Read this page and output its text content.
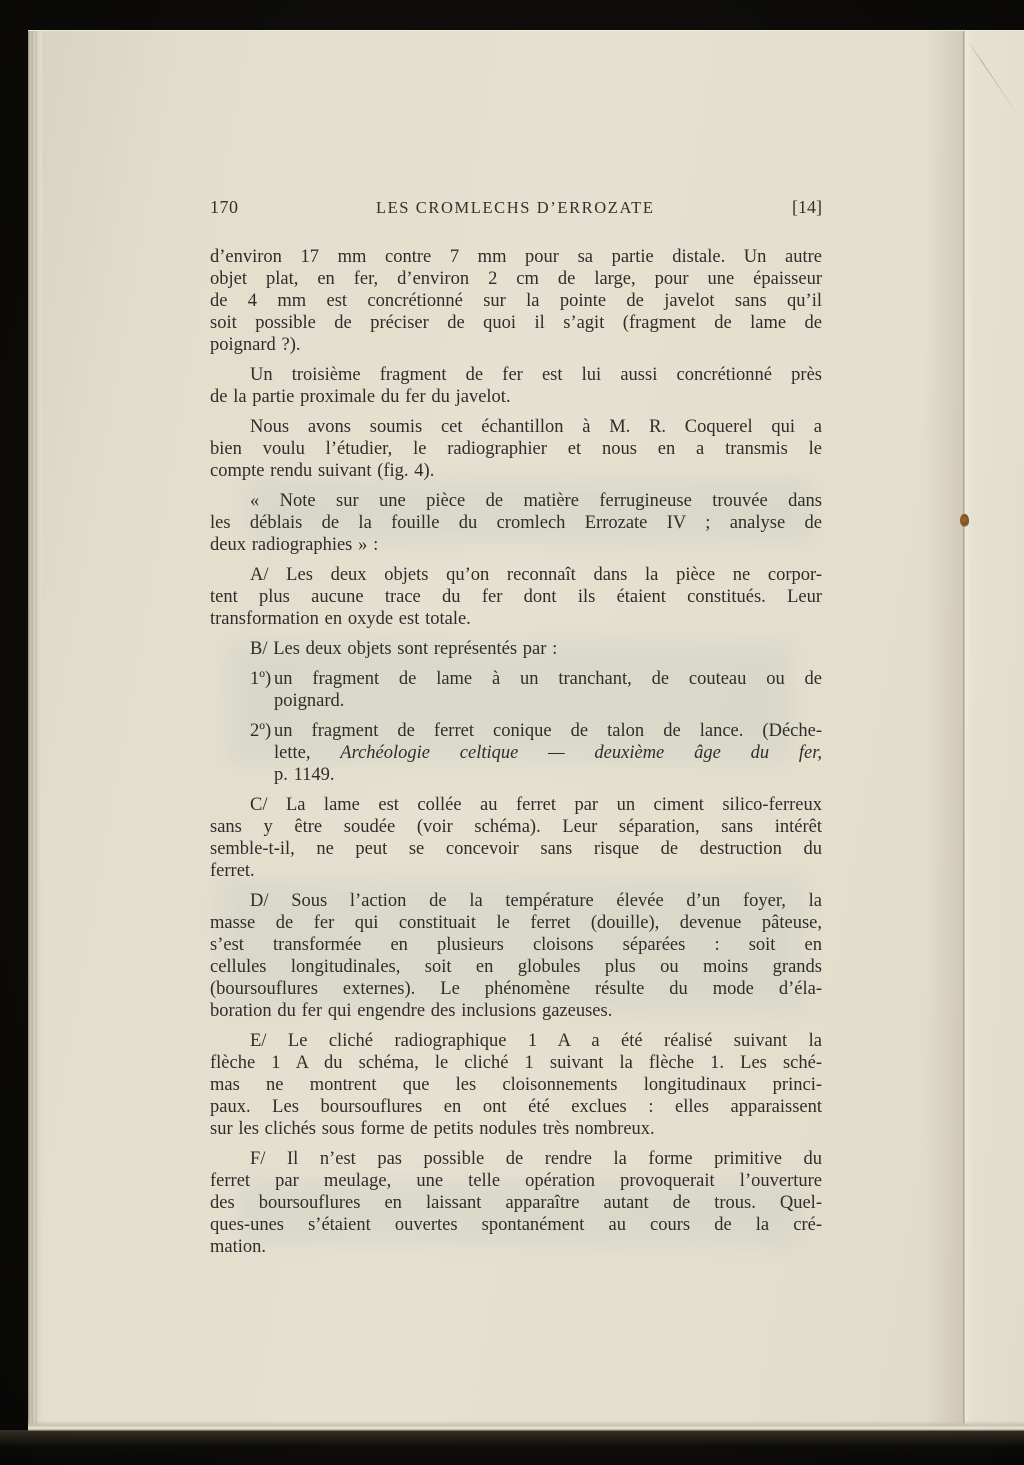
170	LES CROMLECHS D’ERROZATE	[14]
d’environ 17 mm contre 7 mm pour sa partie distale. Un autre
objet plat, en fer, d’environ 2 cm de large, pour une épaisseur
de 4 mm est concrétionné sur la pointe de javelot sans qu’il
soit possible de préciser de quoi il s’agit (fragment de lame de
poignard ?).
Un troisième fragment de fer est lui aussi concrétionné près
de la partie proximale du fer du javelot.
Nous avons soumis cet échantillon à M. R. Coquerel qui a
bien voulu l’étudier, le radiographier et nous en a transmis le
compte rendu suivant (fig. 4).
« Note sur une pièce de matière ferrugineuse trouvée dans
les déblais de la fouille du cromlech Errozate IV ; analyse de
deux radiographies » :
A/ Les deux objets qu’on reconnaît dans la pièce ne corpor-
tent plus aucune trace du fer dont ils étaient constitués. Leur
transformation en oxyde est totale.
B/ Les deux objets sont représentés par :
1º) un fragment de lame à un tranchant, de couteau ou de
poignard.
2º) un fragment de ferret conique de talon de lance. (Déche-
lette, Archéologie celtique — deuxième âge du fer,
p. 1149.
C/ La lame est collée au ferret par un ciment silico-ferreux
sans y être soudée (voir schéma). Leur séparation, sans intérêt
semble-t-il, ne peut se concevoir sans risque de destruction du
ferret.
D/ Sous l’action de la température élevée d’un foyer, la
masse de fer qui constituait le ferret (douille), devenue pâteuse,
s’est transformée en plusieurs cloisons séparées : soit en
cellules longitudinales, soit en globules plus ou moins grands
(boursouflures externes). Le phénomène résulte du mode d’éla-
boration du fer qui engendre des inclusions gazeuses.
E/ Le cliché radiographique 1 A a été réalisé suivant la
flèche 1 A du schéma, le cliché 1 suivant la flèche 1. Les sché-
mas ne montrent que les cloisonnements longitudinaux princi-
paux. Les boursouflures en ont été exclues : elles apparaissent
sur les clichés sous forme de petits nodules très nombreux.
F/ Il n’est pas possible de rendre la forme primitive du
ferret par meulage, une telle opération provoquerait l’ouverture
des boursouflures en laissant apparaître autant de trous. Quel-
ques-unes s’étaient ouvertes spontanément au cours de la cré-
mation.
